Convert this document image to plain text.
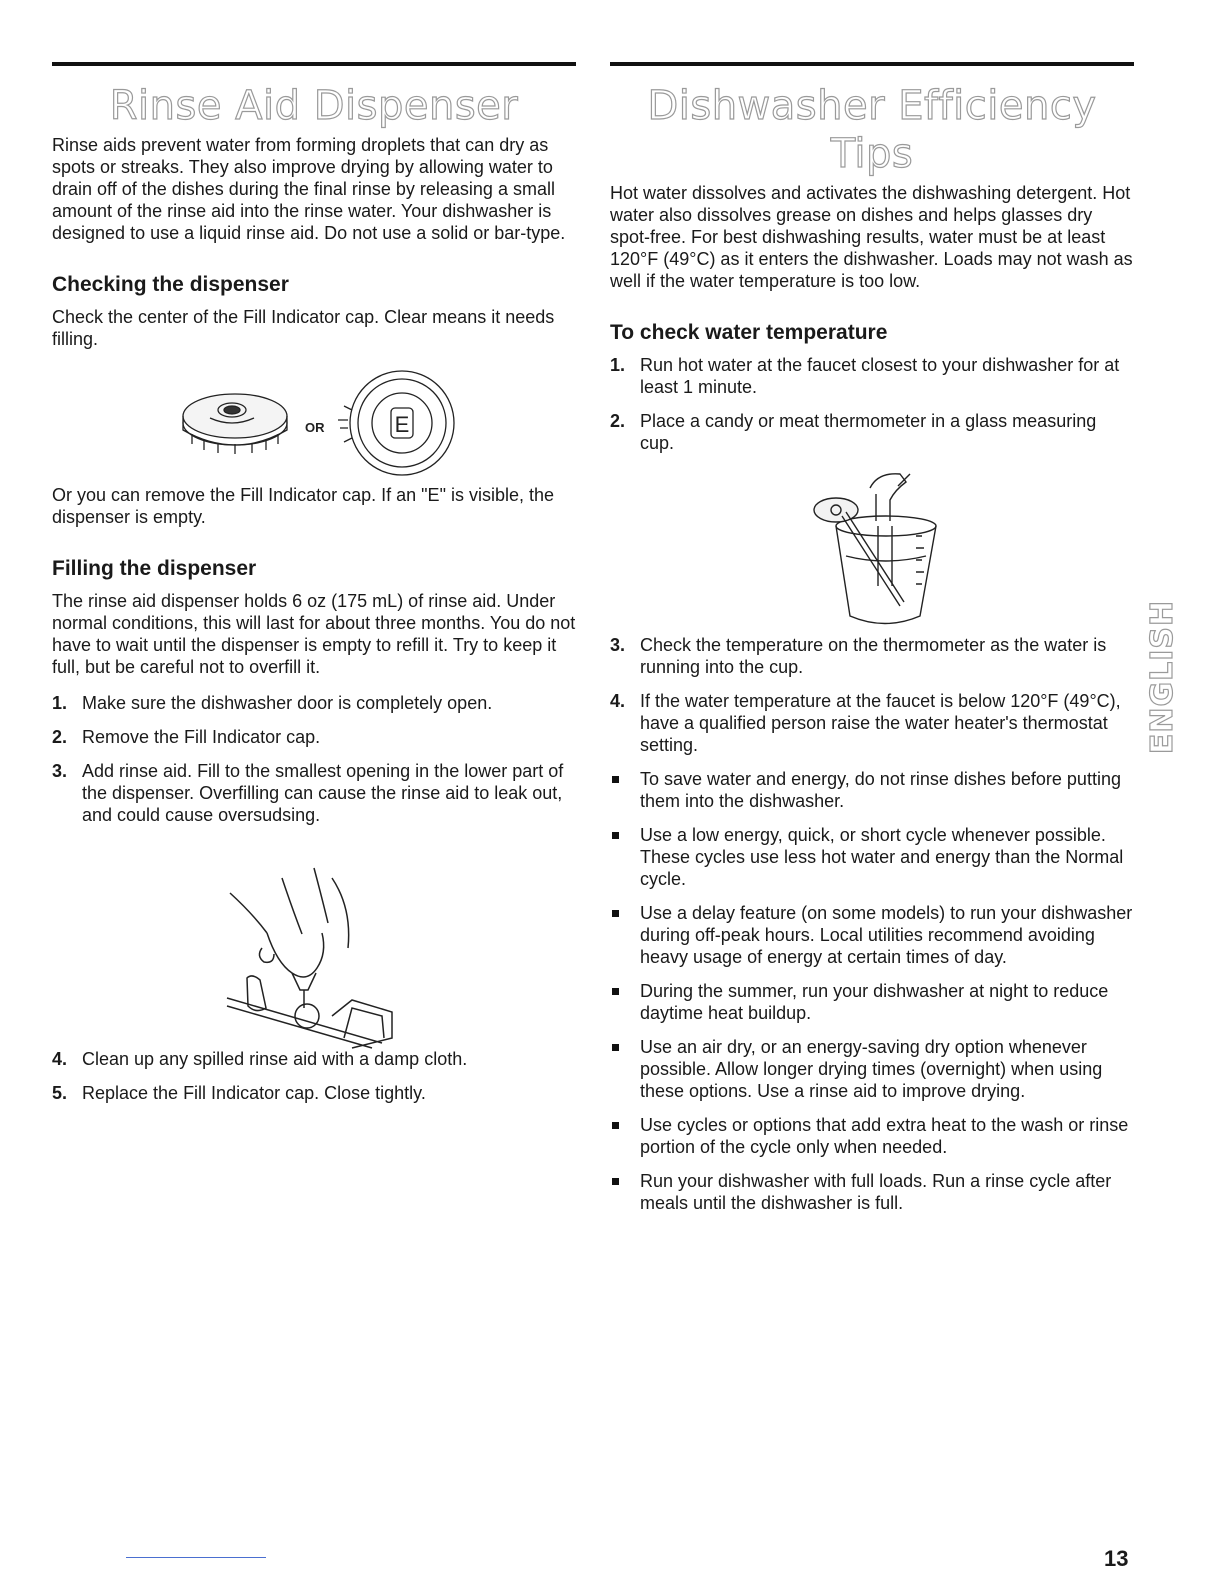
Rinse Aid Dispenser

Rinse aids prevent water from forming droplets that can dry as spots or streaks. They also improve drying by allowing water to drain off of the dishes during the final rinse by releasing a small amount of the rinse aid into the rinse water. Your dishwasher is designed to use a liquid rinse aid. Do not use a solid or bar-type.

Checking the dispenser

Check the center of the Fill Indicator cap. Clear means it needs filling.

OR	E

Or you can remove the Fill Indicator cap. If an "E" is visible, the dispenser is empty.

Filling the dispenser

The rinse aid dispenser holds 6 oz (175 mL) of rinse aid. Under normal conditions, this will last for about three months. You do not have to wait until the dispenser is empty to refill it. Try to keep it full, but be careful not to overfill it.

1. Make sure the dishwasher door is completely open.
2. Remove the Fill Indicator cap.
3. Add rinse aid. Fill to the smallest opening in the lower part of the dispenser. Overfilling can cause the rinse aid to leak out, and could cause oversudsing.
4. Clean up any spilled rinse aid with a damp cloth.
5. Replace the Fill Indicator cap. Close tightly.
Dishwasher Efficiency Tips

Hot water dissolves and activates the dishwashing detergent. Hot water also dissolves grease on dishes and helps glasses dry spot-free. For best dishwashing results, water must be at least 120°F (49°C) as it enters the dishwasher. Loads may not wash as well if the water temperature is too low.

To check water temperature
1. Run hot water at the faucet closest to your dishwasher for at least 1 minute.
2. Place a candy or meat thermometer in a glass measuring cup.
3. Check the temperature on the thermometer as the water is running into the cup.
4. If the water temperature at the faucet is below 120°F (49°C), have a qualified person raise the water heater's thermostat setting.
To save water and energy, do not rinse dishes before putting them into the dishwasher.
Use a low energy, quick, or short cycle whenever possible. These cycles use less hot water and energy than the Normal cycle.
Use a delay feature (on some models) to run your dishwasher during off-peak hours. Local utilities recommend avoiding heavy usage of energy at certain times of day.
During the summer, run your dishwasher at night to reduce daytime heat buildup.
Use an air dry, or an energy-saving dry option whenever possible. Allow longer drying times (overnight) when using these options. Use a rinse aid to improve drying.
Use cycles or options that add extra heat to the wash or rinse portion of the cycle only when needed.
Run your dishwasher with full loads. Run a rinse cycle after meals until the dishwasher is full.
ENGLISH
13
